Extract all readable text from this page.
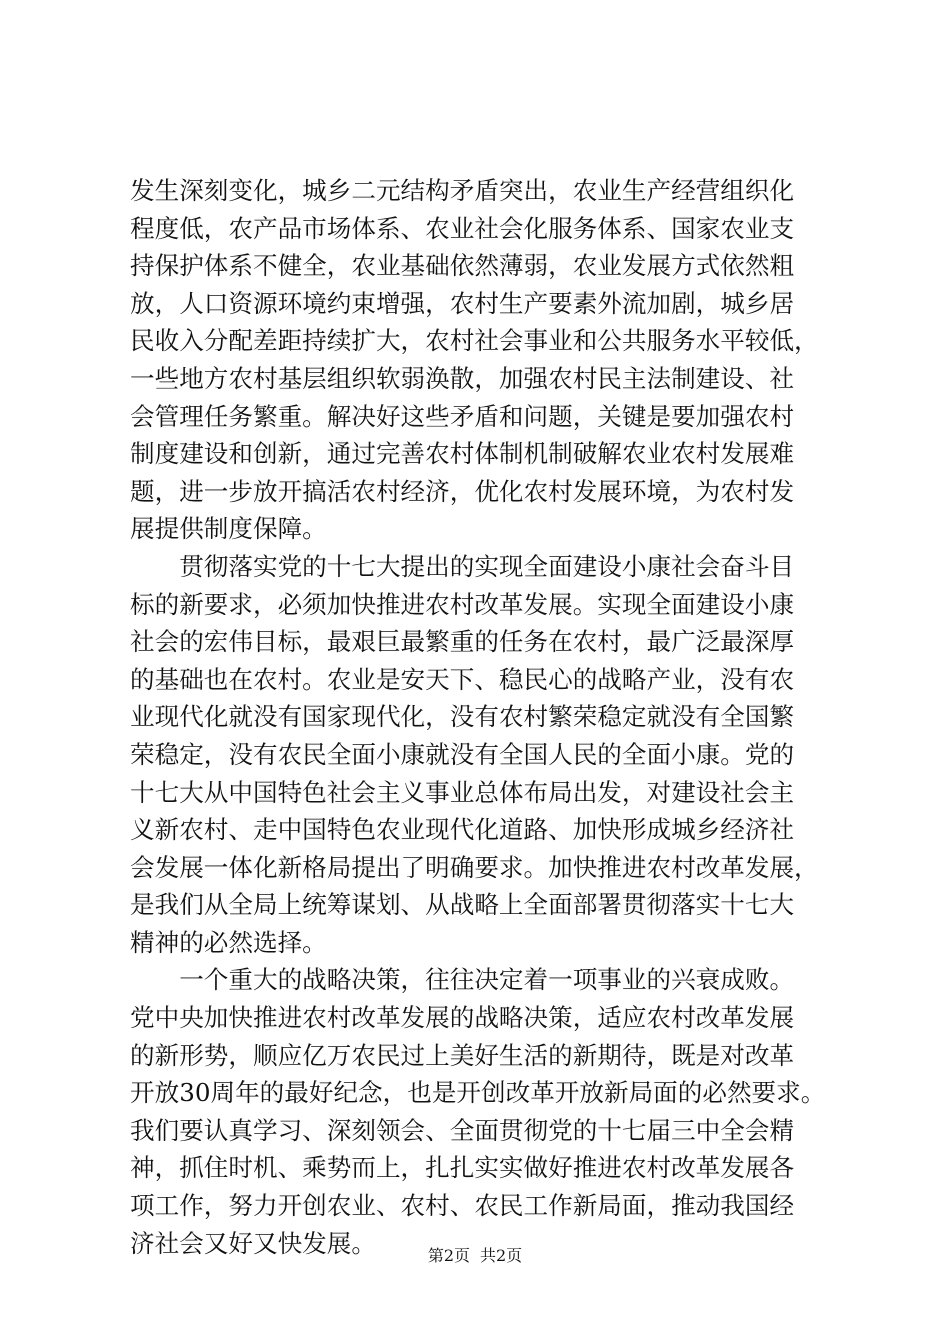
发生深刻变化，城乡二元结构矛盾突出，农业生产经营组织化
程度低，农产品市场体系、农业社会化服务体系、国家农业支
持保护体系不健全，农业基础依然薄弱，农业发展方式依然粗
放，人口资源环境约束增强，农村生产要素外流加剧，城乡居
民收入分配差距持续扩大，农村社会事业和公共服务水平较低，
一些地方农村基层组织软弱涣散，加强农村民主法制建设、社
会管理任务繁重。解决好这些矛盾和问题，关键是要加强农村
制度建设和创新，通过完善农村体制机制破解农业农村发展难
题，进一步放开搞活农村经济，优化农村发展环境，为农村发
展提供制度保障。
　　贯彻落实党的十七大提出的实现全面建设小康社会奋斗目
标的新要求，必须加快推进农村改革发展。实现全面建设小康
社会的宏伟目标，最艰巨最繁重的任务在农村，最广泛最深厚
的基础也在农村。农业是安天下、稳民心的战略产业，没有农
业现代化就没有国家现代化，没有农村繁荣稳定就没有全国繁
荣稳定，没有农民全面小康就没有全国人民的全面小康。党的
十七大从中国特色社会主义事业总体布局出发，对建设社会主
义新农村、走中国特色农业现代化道路、加快形成城乡经济社
会发展一体化新格局提出了明确要求。加快推进农村改革发展，
是我们从全局上统筹谋划、从战略上全面部署贯彻落实十七大
精神的必然选择。
　　一个重大的战略决策，往往决定着一项事业的兴衰成败。
党中央加快推进农村改革发展的战略决策，适应农村改革发展
的新形势，顺应亿万农民过上美好生活的新期待，既是对改革
开放30周年的最好纪念，也是开创改革开放新局面的必然要求。
我们要认真学习、深刻领会、全面贯彻党的十七届三中全会精
神，抓住时机、乘势而上，扎扎实实做好推进农村改革发展各
项工作，努力开创农业、农村、农民工作新局面，推动我国经
济社会又好又快发展。	第2页 共2页
